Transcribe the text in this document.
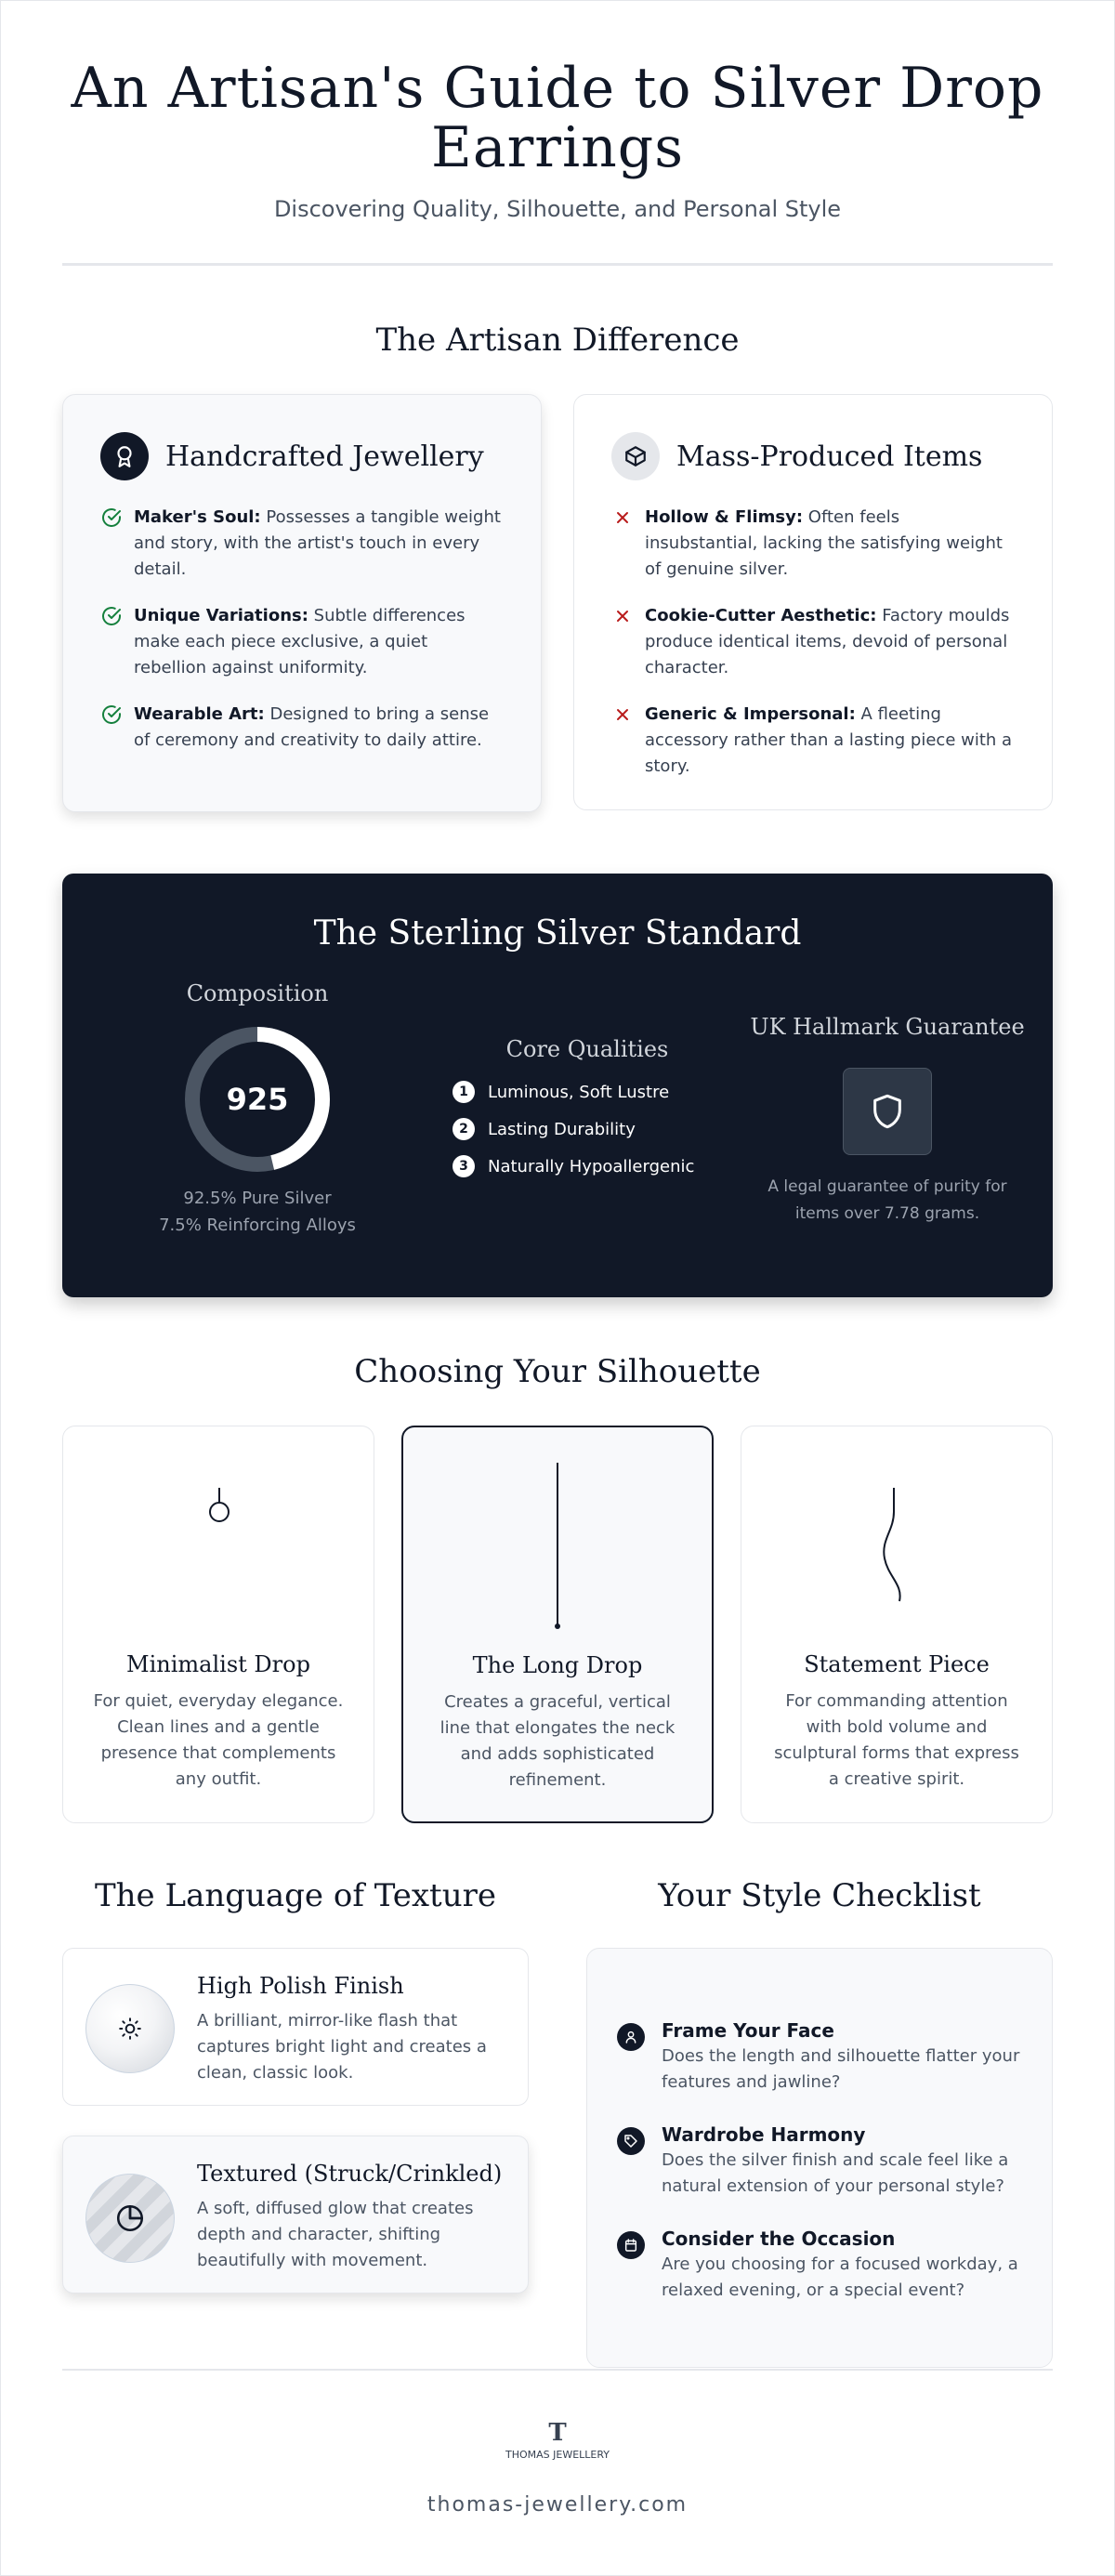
An Artisan's Guide to Silver Drop Earrings
Discovering Quality, Silhouette, and Personal Style
The Artisan Difference
Handcrafted Jewellery
Maker's Soul: Possesses a tangible weight and story, with the artist's touch in every detail.
Unique Variations: Subtle differences make each piece exclusive, a quiet rebellion against uniformity.
Wearable Art: Designed to bring a sense of ceremony and creativity to daily attire.
Mass-Produced Items
Hollow & Flimsy: Often feels insubstantial, lacking the satisfying weight of genuine silver.
Cookie-Cutter Aesthetic: Factory moulds produce identical items, devoid of personal character.
Generic & Impersonal: A fleeting accessory rather than a lasting piece with a story.
The Sterling Silver Standard
Composition
925
92.5% Pure Silver
7.5% Reinforcing Alloys
Core Qualities
1	Luminous, Soft Lustre
2	Lasting Durability
3	Naturally Hypoallergenic
UK Hallmark Guarantee
A legal guarantee of purity for items over 7.78 grams.
Choosing Your Silhouette
Minimalist Drop
For quiet, everyday elegance. Clean lines and a gentle presence that complements any outfit.
The Long Drop
Creates a graceful, vertical line that elongates the neck and adds sophisticated refinement.
Statement Piece
For commanding attention with bold volume and sculptural forms that express a creative spirit.
The Language of Texture
High Polish Finish
A brilliant, mirror-like flash that captures bright light and creates a clean, classic look.
Textured (Struck/Crinkled)
A soft, diffused glow that creates depth and character, shifting beautifully with movement.
Your Style Checklist
Frame Your Face
Does the length and silhouette flatter your features and jawline?
Wardrobe Harmony
Does the silver finish and scale feel like a natural extension of your personal style?
Consider the Occasion
Are you choosing for a focused workday, a relaxed evening, or a special event?
T
THOMAS JEWELLERY
thomas-jewellery.com
